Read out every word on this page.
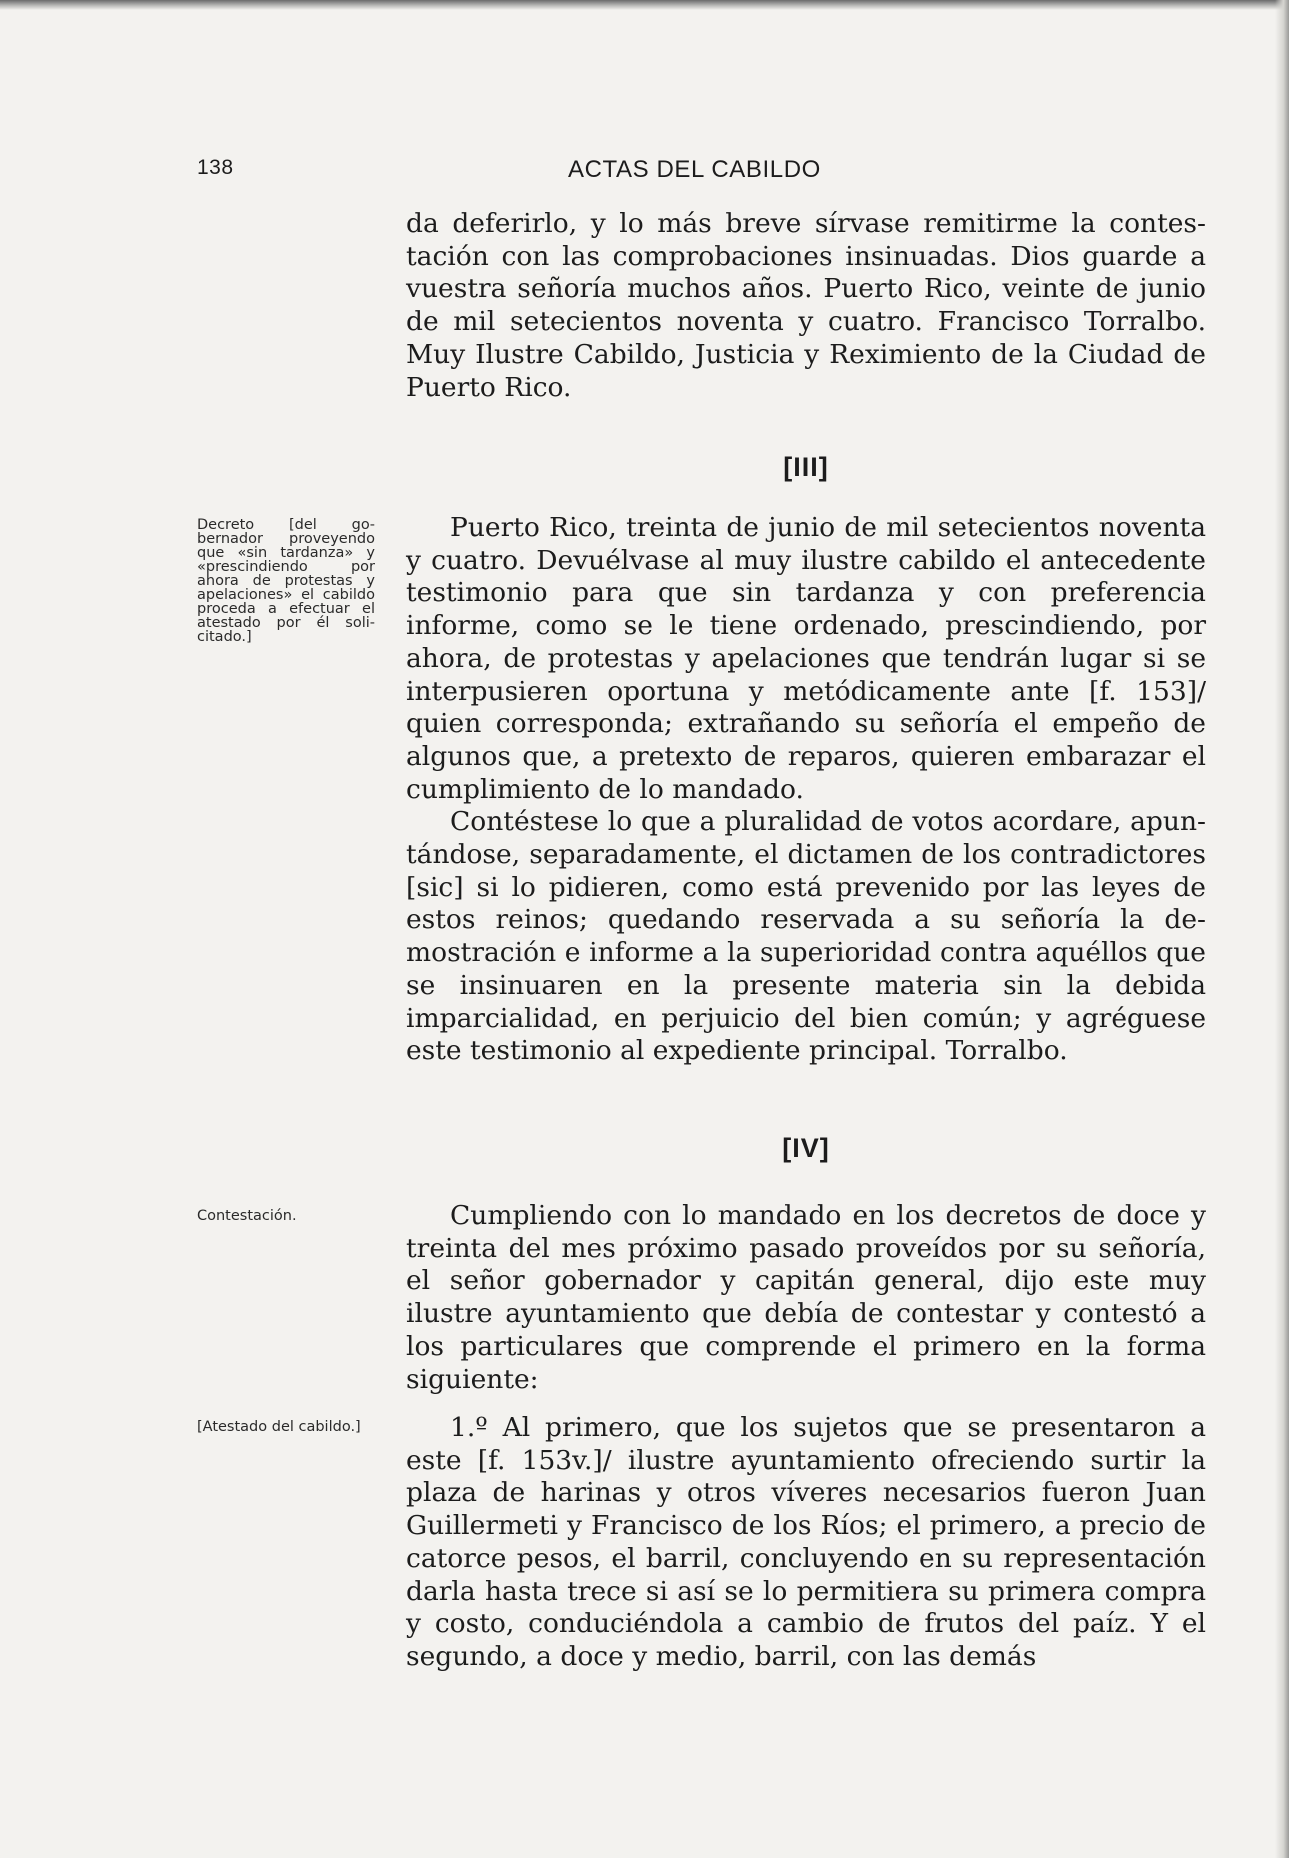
138	ACTAS DEL CABILDO

da deferirlo, y lo más breve sírvase remitirme la contestación con las comprobaciones insinuadas. Dios guarde a vuestra señoría muchos años. Puerto Rico, veinte de junio de mil setecientos noventa y cuatro. Francisco Torralbo. Muy Ilustre Cabildo, Justicia y Reximiento de la Ciudad de Puerto Rico.

[III]
Decreto [del gobernador proveyendo que «sin tardanza» y «prescindiendo por ahora de protestas y apelaciones» el cabildo proceda a efectuar el atestado por él solicitado.]

Puerto Rico, treinta de junio de mil setecientos noventa y cuatro. Devuélvase al muy ilustre cabildo el antecedente testimonio para que sin tardanza y con preferencia informe, como se le tiene ordenado, prescindiendo, por ahora, de protestas y apelaciones que tendrán lugar si se interpusieren oportuna y metódicamente ante [f. 153]/ quien corresponda; extrañando su señoría el empeño de algunos que, a pretexto de reparos, quieren embarazar el cumplimiento de lo mandado.

Contéstese lo que a pluralidad de votos acordare, apuntándose, separadamente, el dictamen de los contradictores [sic] si lo pidieren, como está prevenido por las leyes de estos reinos; quedando reservada a su señoría la demostración e informe a la superioridad contra aquéllos que se insinuaren en la presente materia sin la debida imparcialidad, en perjuicio del bien común; y agréguese este testimonio al expediente principal. Torralbo.

[IV]
Contestación.	Cumpliendo con lo mandado en los decretos de doce y treinta del mes próximo pasado proveídos por su señoría, el señor gobernador y capitán general, dijo este muy ilustre ayuntamiento que debía de contestar y contestó a los particulares que comprende el primero en la forma siguiente:

[Atestado del cabildo.]	1.º Al primero, que los sujetos que se presentaron a este [f. 153v.]/ ilustre ayuntamiento ofreciendo surtir la plaza de harinas y otros víveres necesarios fueron Juan Guillermeti y Francisco de los Ríos; el primero, a precio de catorce pesos, el barril, concluyendo en su representación darla hasta trece si así se lo permitiera su primera compra y costo, conduciéndola a cambio de frutos del paíz. Y el segundo, a doce y medio, barril, con las demás
